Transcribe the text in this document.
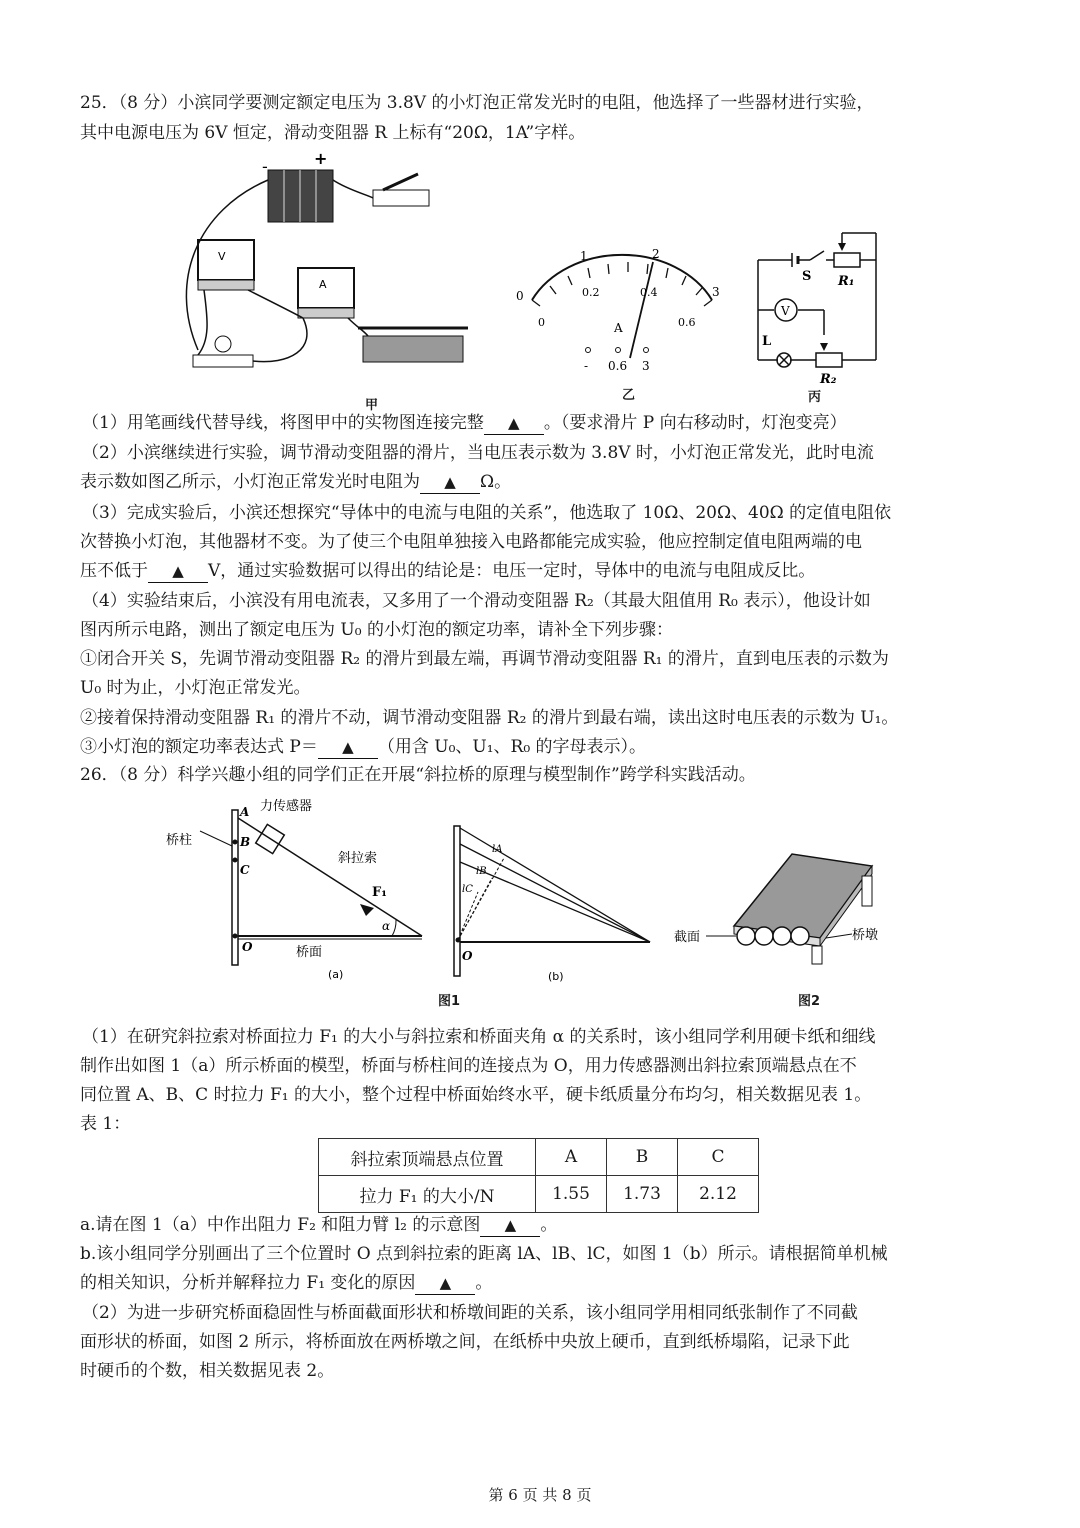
25．（8 分）小滨同学要测定额定电压为 3.8V 的小灯泡正常发光时的电阻，他选择了一些器材进行实验，
其中电源电压为 6V 恒定，滑动变阻器 R 上标有“20Ω，1A”字样。
-	+
V
A
甲
1	2
0	3
0.2	0.4
0	0.6
A
- 0.6 3
乙
V
S R₁
L
R₂
丙
（1）用笔画线代替导线，将图甲中的实物图连接完整 ▲ 。（要求滑片 P 向右移动时，灯泡变亮）
（2）小滨继续进行实验，调节滑动变阻器的滑片，当电压表示数为 3.8V 时，小灯泡正常发光，此时电流
表示数如图乙所示，小灯泡正常发光时电阻为 ▲ Ω。
（3）完成实验后，小滨还想探究“导体中的电流与电阻的关系”，他选取了 10Ω、20Ω、40Ω 的定值电阻依
次替换小灯泡，其他器材不变。为了使三个电阻单独接入电路都能完成实验，他应控制定值电阻两端的电
压不低于 ▲ V，通过实验数据可以得出的结论是：电压一定时，导体中的电流与电阻成反比。
（4）实验结束后，小滨没有用电流表，又多用了一个滑动变阻器 R₂（其最大阻值用 R₀ 表示），他设计如
图丙所示电路，测出了额定电压为 U₀ 的小灯泡的额定功率，请补全下列步骤：
①闭合开关 S，先调节滑动变阻器 R₂ 的滑片到最左端，再调节滑动变阻器 R₁ 的滑片，直到电压表的示数为
U₀ 时为止，小灯泡正常发光。
②接着保持滑动变阻器 R₁ 的滑片不动，调节滑动变阻器 R₂ 的滑片到最右端，读出这时电压表的示数为 U₁。
③小灯泡的额定功率表达式 P＝ ▲ （用含 U₀、U₁、R₀ 的字母表示）。
26．（8 分）科学兴趣小组的同学们正在开展“斜拉桥的原理与模型制作”跨学科实践活动。
力传感器
桥柱
斜拉索
桥面
A
B
C
O
F₁
α
(a)
O
lA
lB
lC
(b)
图1
截面	桥墩
图2
（1）在研究斜拉索对桥面拉力 F₁ 的大小与斜拉索和桥面夹角 α 的关系时，该小组同学利用硬卡纸和细线
制作出如图 1（a）所示桥面的模型，桥面与桥柱间的连接点为 O，用力传感器测出斜拉索顶端悬点在不
同位置 A、B、C 时拉力 F₁ 的大小，整个过程中桥面始终水平，硬卡纸质量分布均匀，相关数据见表 1。
表 1：
斜拉索顶端悬点位置	A	B	C
拉力 F₁ 的大小/N	1.55	1.73	2.12
a.请在图 1（a）中作出阻力 F₂ 和阻力臂 l₂ 的示意图 ▲ 。
b.该小组同学分别画出了三个位置时 O 点到斜拉索的距离 lA、lB、lC，如图 1（b）所示。请根据简单机械
的相关知识，分析并解释拉力 F₁ 变化的原因 ▲ 。
（2）为进一步研究桥面稳固性与桥面截面形状和桥墩间距的关系，该小组同学用相同纸张制作了不同截
面形状的桥面，如图 2 所示，将桥面放在两桥墩之间，在纸桥中央放上硬币，直到纸桥塌陷，记录下此
时硬币的个数，相关数据见表 2。
第 6 页 共 8 页
